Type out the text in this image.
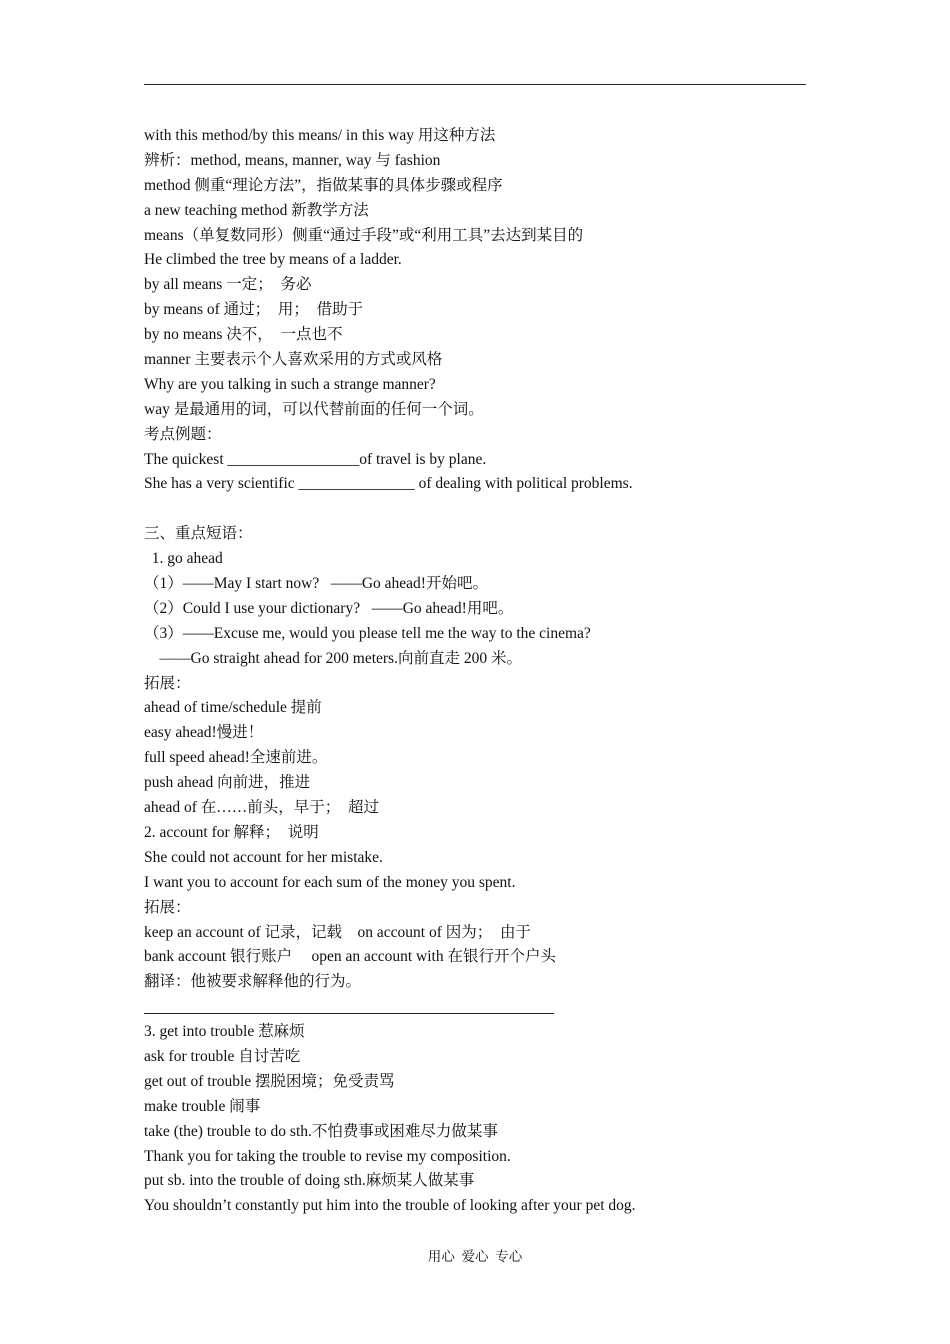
with this method/by this means/ in this way 用这种方法
辨析：method, means, manner, way 与 fashion
method 侧重“理论方法”，指做某事的具体步骤或程序
a new teaching method 新教学方法
means（单复数同形）侧重“通过手段”或“利用工具”去达到某目的
He climbed the tree by means of a ladder.
by all means 一定；  务必
by means of 通过；  用；  借助于
by no means 决不，  一点也不
manner 主要表示个人喜欢采用的方式或风格
Why are you talking in such a strange manner?
way 是最通用的词，可以代替前面的任何一个词。
考点例题：
The quickest _________________of travel is by plane.
She has a very scientific _______________ of dealing with political problems.
三、重点短语：
1. go ahead
（1）——May I start now?   ——Go ahead!开始吧。
（2）Could I use your dictionary?   ——Go ahead!用吧。
（3）——Excuse me, would you please tell me the way to the cinema?
——Go straight ahead for 200 meters.向前直走 200 米。
拓展：
ahead of time/schedule 提前
easy ahead!慢进！
full speed ahead!全速前进。
push ahead 向前进，推进
ahead of 在……前头，早于；  超过
2. account for 解释；  说明
She could not account for her mistake.
I want you to account for each sum of the money you spent.
拓展：
keep an account of 记录，记载    on account of 因为；  由于
bank account 银行账户     open an account with 在银行开个户头
翻译：他被要求解释他的行为。
3. get into trouble 惹麻烦
ask for trouble 自讨苦吃
get out of trouble 摆脱困境；免受责骂
make trouble 闹事
take (the) trouble to do sth.不怕费事或困难尽力做某事
Thank you for taking the trouble to revise my composition.
put sb. into the trouble of doing sth.麻烦某人做某事
You shouldn’t constantly put him into the trouble of looking after your pet dog.
用心  爱心  专心
